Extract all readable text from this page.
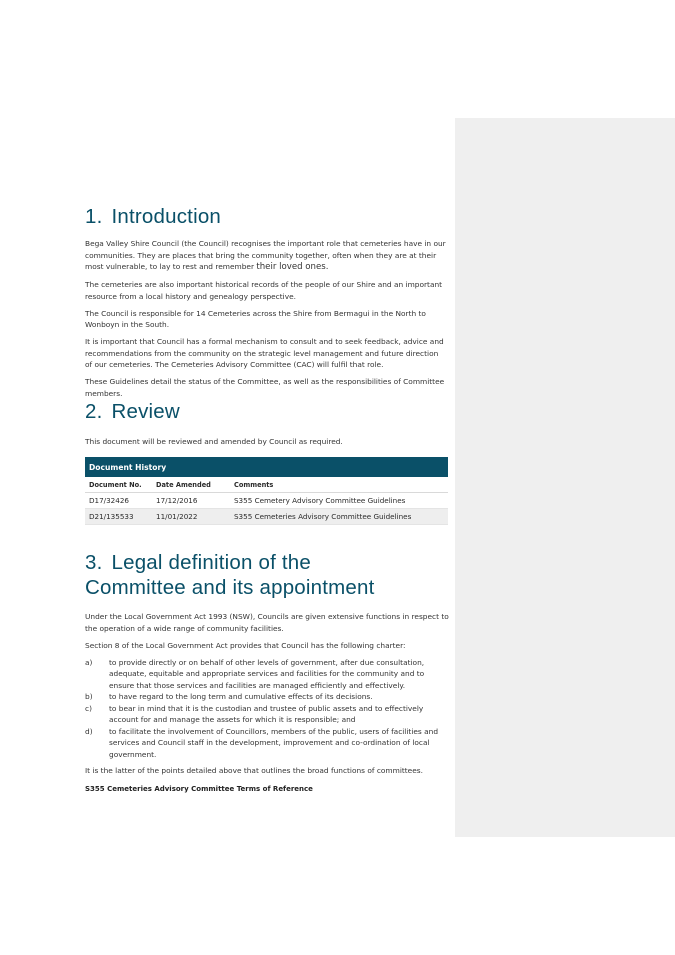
1. Introduction

Bega Valley Shire Council (the Council) recognises the important role that cemeteries have in our communities. They are places that bring the community together, often when they are at their most vulnerable, to lay to rest and remember their loved ones.

The cemeteries are also important historical records of the people of our Shire and an important resource from a local history and genealogy perspective.

The Council is responsible for 14 Cemeteries across the Shire from Bermagui in the North to Wonboyn in the South.

It is important that Council has a formal mechanism to consult and to seek feedback, advice and recommendations from the community on the strategic level management and future direction of our cemeteries. The Cemeteries Advisory Committee (CAC) will fulfil that role.

These Guidelines detail the status of the Committee, as well as the responsibilities of Committee members.

2. Review

This document will be reviewed and amended by Council as required.

Document History		
Document No.	Date Amended	Comments
D17/32426	17/12/2016	S355 Cemetery Advisory Committee Guidelines
D21/135533	11/01/2022	S355 Cemeteries Advisory Committee Guidelines
3. Legal definition of the
Committee and its appointment

Under the Local Government Act 1993 (NSW), Councils are given extensive functions in respect to the operation of a wide range of community facilities.

Section 8 of the Local Government Act provides that Council has the following charter:

a)	to provide directly or on behalf of other levels of government, after due consultation, adequate, equitable and appropriate services and facilities for the community and to ensure that those services and facilities are managed efficiently and effectively.
b)	to have regard to the long term and cumulative effects of its decisions.
c)	to bear in mind that it is the custodian and trustee of public assets and to effectively account for and manage the assets for which it is responsible; and
d)	to facilitate the involvement of Councillors, members of the public, users of facilities and services and Council staff in the development, improvement and co-ordination of local government.

It is the latter of the points detailed above that outlines the broad functions of committees.

S355 Cemeteries Advisory Committee Terms of Reference
